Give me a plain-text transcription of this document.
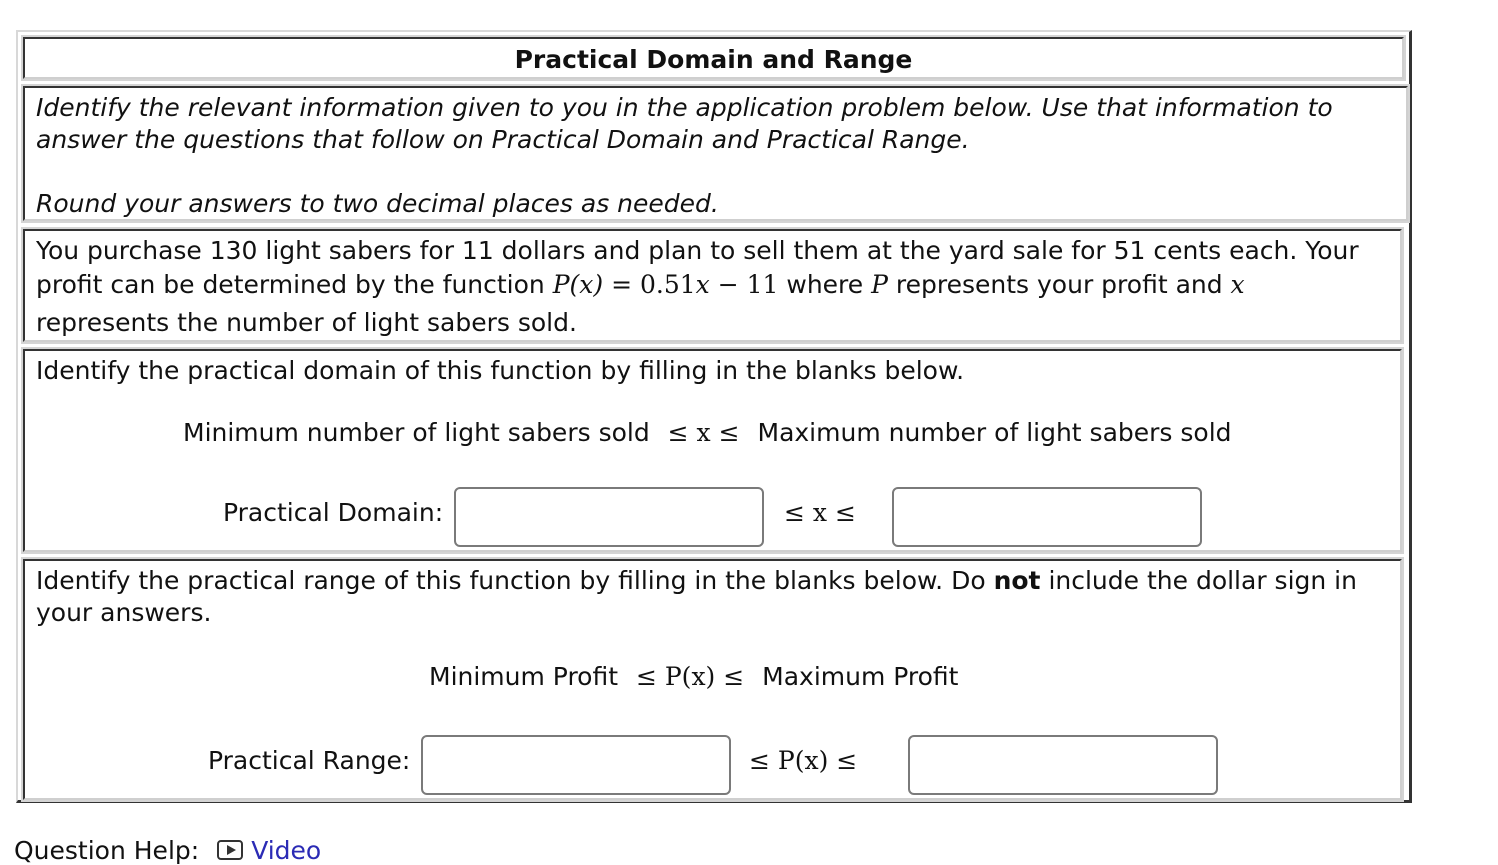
Practical Domain and Range
Identify the relevant information given to you in the application problem below. Use that information to
answer the questions that follow on Practical Domain and Practical Range.
Round your answers to two decimal places as needed.
You purchase 130 light sabers for 11 dollars and plan to sell them at the yard sale for 51 cents each. Your
profit can be determined by the function P(x) = 0.51x − 11 where P represents your profit and x
represents the number of light sabers sold.
Identify the practical domain of this function by filling in the blanks below.
Minimum number of light sabers sold ≤ x ≤ Maximum number of light sabers sold
Practical Domain:	≤ x ≤
Identify the practical range of this function by filling in the blanks below. Do not include the dollar sign in
your answers.
Minimum Profit ≤ P(x) ≤ Maximum Profit
Practical Range:	≤ P(x) ≤
Question Help: Video
